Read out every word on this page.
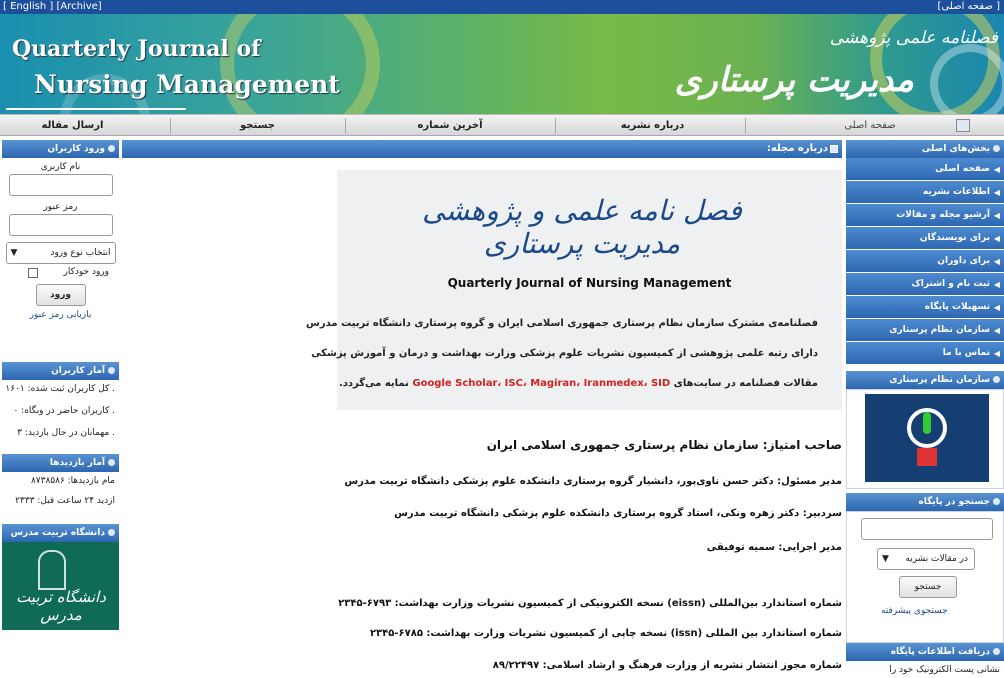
[ English ] [Archive]	[صفحه اصلی ]
Quarterly Journal of
Nursing Management
فصلنامه علمی پژوهشی
مدیریت پرستاری
صفحه اصلی
درباره نشریه
آخرین شماره
جستجو
ارسال مقاله
ورود کاربران
نام کاربری
رمز عبور
انتخاب نوع ورود
▼
ورود خودکار
ورود
بازیابی رمز عبور
آمار کاربران
. کل کاربران ثبت شده: ۱۶۰۱
. کاربران حاضر در وبگاه: ۰
. مهمانان در حال بازدید: ۳
آمار بازدیدها
مام بازدیدها: ۸۷۳۸۵۸۶
ازدید ۲۴ ساعت قبل: ۲۳۳۳
دانشگاه تربیت مدرس
دانشگاه تربیت مدرس
درباره مجله:
فصل نامه علمی و پژوهشی مدیریت پرستاری
Quarterly Journal of Nursing Management
فصلنامه‌ی مشترک سازمان نظام پرستاری جمهوری اسلامی ایران و گروه پرستاری دانشگاه تربیت مدرس
دارای رتبه علمی پژوهشی از کمیسیون نشریات علوم پزشکی وزارت بهداشت و درمان و آموزش پزشکی
مقالات فصلنامه در سایت‌های Google Scholar، ISC، Magiran، Iranmedex، SID نمایه می‌گردد.
صاحب امتیاز: سازمان نظام پرستاری جمهوری اسلامی ایران
مدیر مسئول: دکتر حسن ناوی‌پور، دانشیار گروه پرستاری دانشکده علوم پزشکی دانشگاه تربیت مدرس
سردبیر: دکتر زهره ونکی، استاد گروه پرستاری دانشکده علوم پزشکی دانشگاه تربیت مدرس
مدیر اجرایی: سمیه توفیقی
شماره استاندارد بین‌المللی (eissn) نسخه الکترونیکی از کمیسیون نشریات وزارت بهداشت: ۶۷۹۳-۲۳۴۵
شماره استاندارد بین المللی (issn) نسخه چاپی از کمیسیون نشریات وزارت بهداشت: ۶۷۸۵-۲۳۴۵
شماره مجوز انتشار نشریه از وزارت فرهنگ و ارشاد اسلامی: ۸۹/۲۲۴۹۷
بخش‌های اصلی
◀
صفحه اصلی
◀
اطلاعات نشریه
◀
آرشیو مجله و مقالات
◀
برای نویسندگان
◀
برای داوران
◀
ثبت نام و اشتراک
◀
تسهیلات پایگاه
◀
سازمان نظام پرستاری
◀
تماس با ما
سازمان نظام پرستاری
جستجو در پایگاه
در مقالات نشریه
▼
جستجو
جستجوی پیشرفته
دریافت اطلاعات پایگاه
نشانی پست الکترونیک خود را
